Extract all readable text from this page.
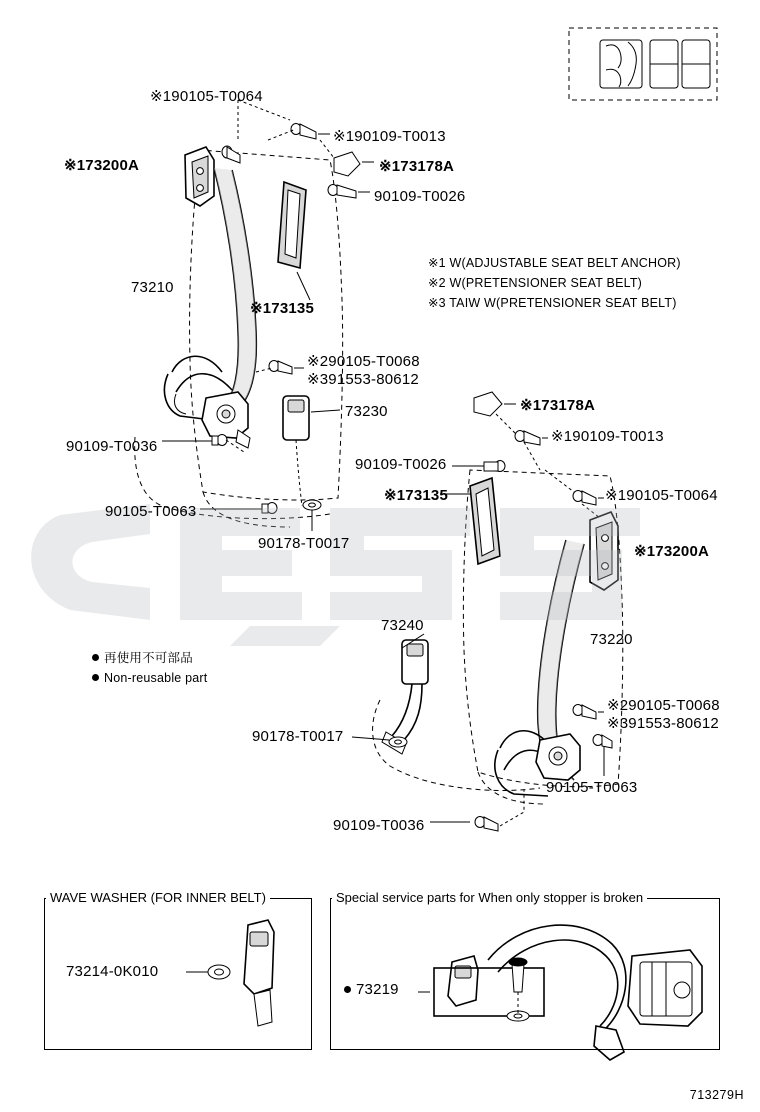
※190105-T0064
※173200A
※190109-T0013
※173178A
90109-T0026
73210
※173135
※290105-T0068
※391553-80612
73230
90109-T0036
90105-T0063
90178-T0017
※173178A
※190109-T0013
90109-T0026
※173135	※190105-T0064
※173200A
73240
73220
※290105-T0068
※391553-80612
90178-T0017
90105-T0063
90109-T0036
※1 W(ADJUSTABLE SEAT BELT ANCHOR)
※2 W(PRETENSIONER SEAT BELT)
※3 TAIW W(PRETENSIONER SEAT BELT)
再使用不可部品
Non-reusable part
WAVE WASHER (FOR INNER BELT)
73214-0K010
Special service parts for When only stopper is broken
73219
713279H
